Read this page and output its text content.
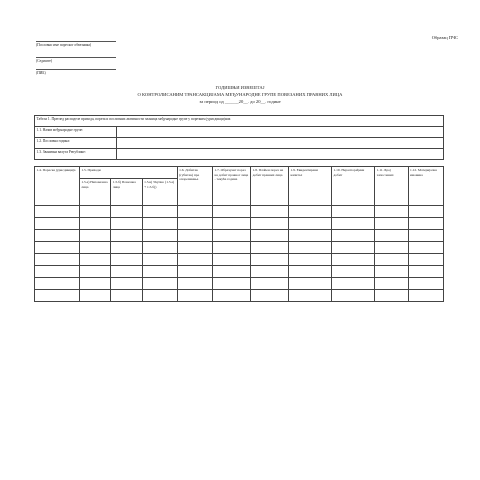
Образац ПЧС
(Пословно име пореског обвезника)
(Седиште)
(ПИБ)
ГОДИШЊИ ИЗВЕШТАЈ
О КОНТРОЛИСАНИМ ТРАНСАКЦИЈАМА МЕЂУНАРОДНЕ ГРУПЕ ПОВЕЗАНИХ ПРАВНИХ ЛИЦА
за период од ______20__. до 20__. године
Табела 1. Преглед расподеле прихода, пореза и пословних активности чланица међународне групе у порезким јурисдикцијама	
1.1. Назив међународне групе:	
1.2. Пословна година:	
1.3. Званична валута Републике:	
1.4. Пореска јурисдикција	1.5. Приходи			1.6. Добитак (губитак) пре опорезивања	1.7. Обрачунат порез на добит правног лица - текућа година	1.8. Плаћен порез на добит правних лица	1.9. Евидентирани капитал	1.10. Нераспоређени добит	1.11. Број запослених	1.12. Материјална имовина
	1.5.а) Неповезана лица	1.5.б) Повезана лица	1.5.в) Укупно (1.5.а) + 1.5.б))							
